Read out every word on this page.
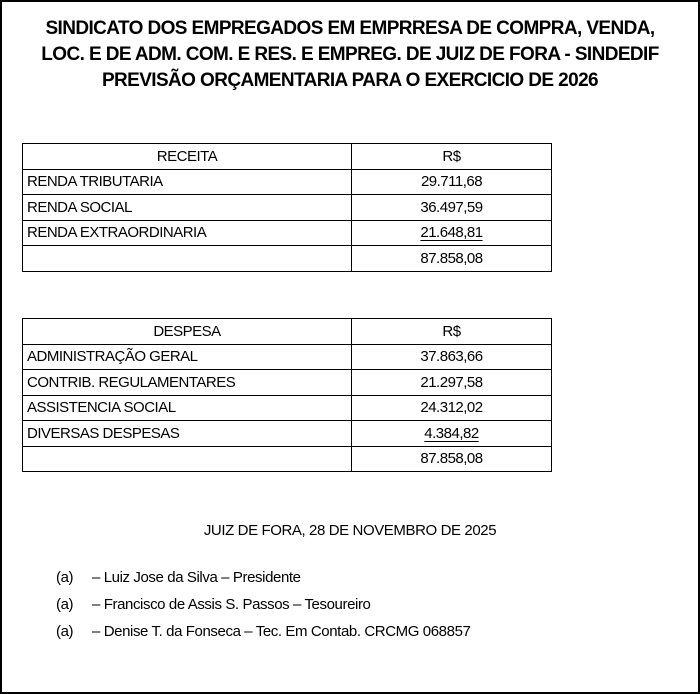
SINDICATO DOS EMPREGADOS EM EMPRRESA DE COMPRA, VENDA,
LOC. E DE ADM. COM. E RES. E EMPREG. DE JUIZ DE FORA - SINDEDIF
PREVISÃO ORÇAMENTARIA PARA O EXERCICIO DE 2026
RECEITA	R$
RENDA TRIBUTARIA	29.711,68
RENDA SOCIAL	36.497,59
RENDA EXTRAORDINARIA	21.648,81
	87.858,08
DESPESA	R$
ADMINISTRAÇÃO GERAL	37.863,66
CONTRIB. REGULAMENTARES	21.297,58
ASSISTENCIA SOCIAL	24.312,02
DIVERSAS DESPESAS	4.384,82
	87.858,08
JUIZ DE FORA, 28 DE NOVEMBRO DE 2025
(a) – Luiz Jose da Silva – Presidente
(a) – Francisco de Assis S. Passos – Tesoureiro
(a) – Denise T. da Fonseca – Tec. Em Contab. CRCMG 068857
